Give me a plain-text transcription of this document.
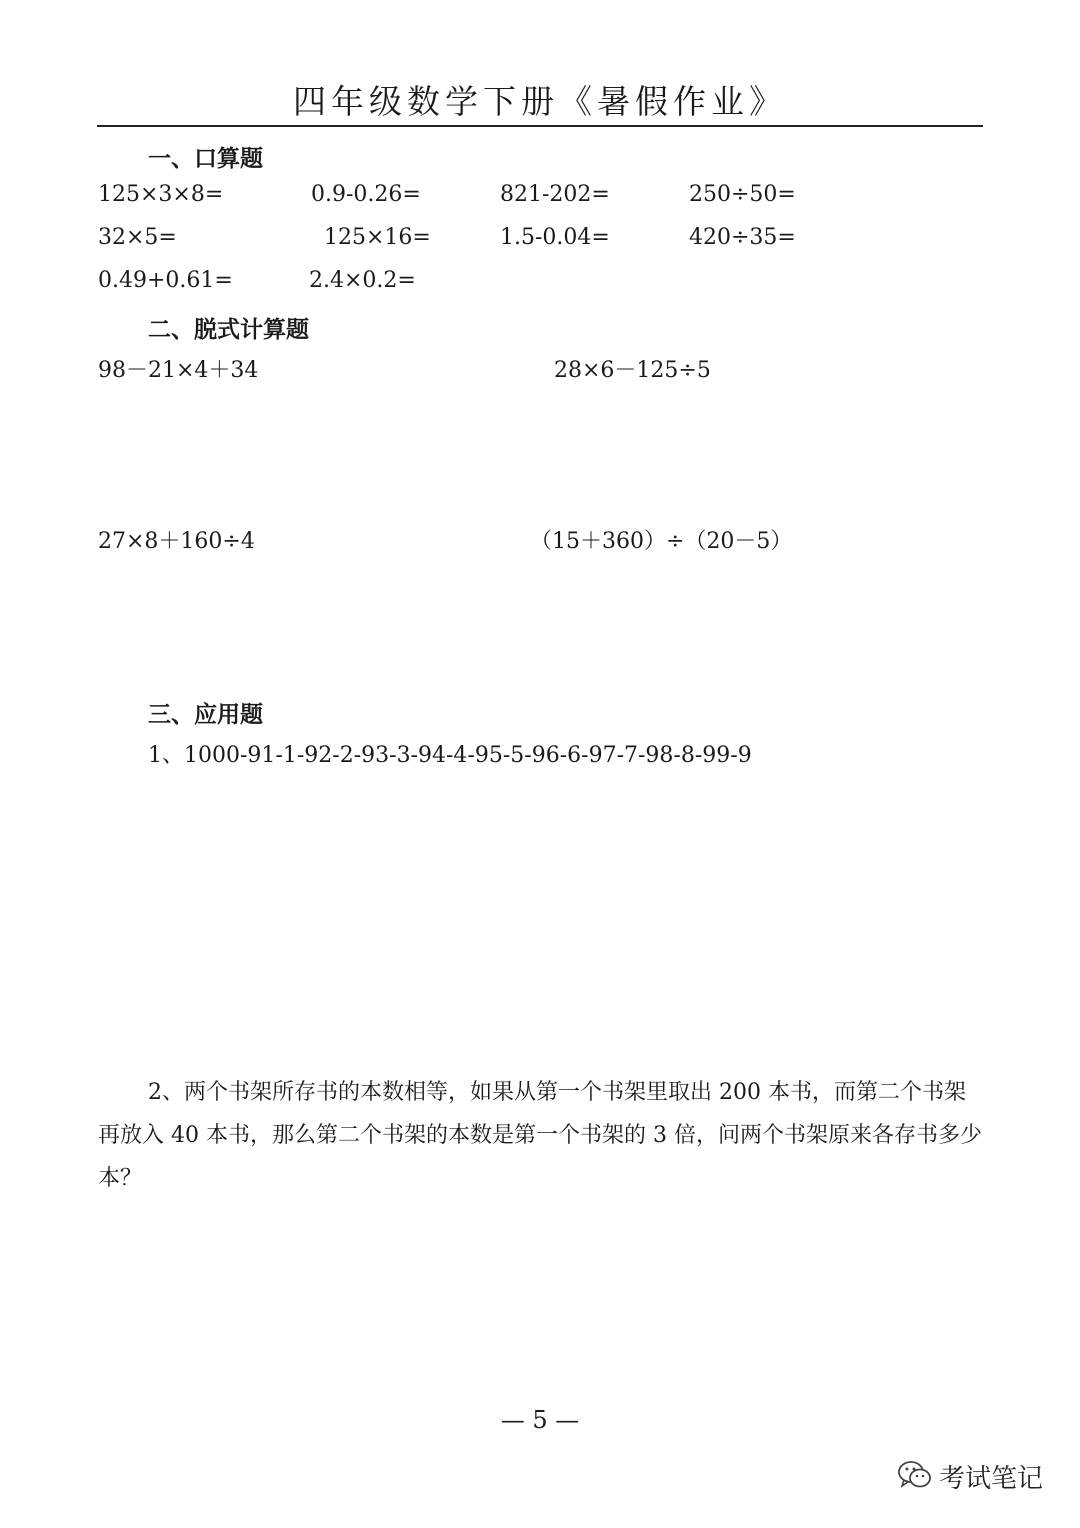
四年级数学下册《暑假作业》
一、口算题
125×3×8=	0.9-0.26=	821-202=	250÷50=
32×5=	125×16=	1.5-0.04=	420÷35=
0.49+0.61=	2.4×0.2=
二、脱式计算题
98－21×4＋34	28×6－125÷5
27×8＋160÷4	（15＋360）÷（20－5）
三、应用题
1、1000-91-1-92-2-93-3-94-4-95-5-96-6-97-7-98-8-99-9

2、两个书架所存书的本数相等，如果从第一个书架里取出 200 本书，而第二个书架再放入 40 本书，那么第二个书架的本数是第一个书架的 3 倍，问两个书架原来各存书多少本？

— 5 —
考试笔记
